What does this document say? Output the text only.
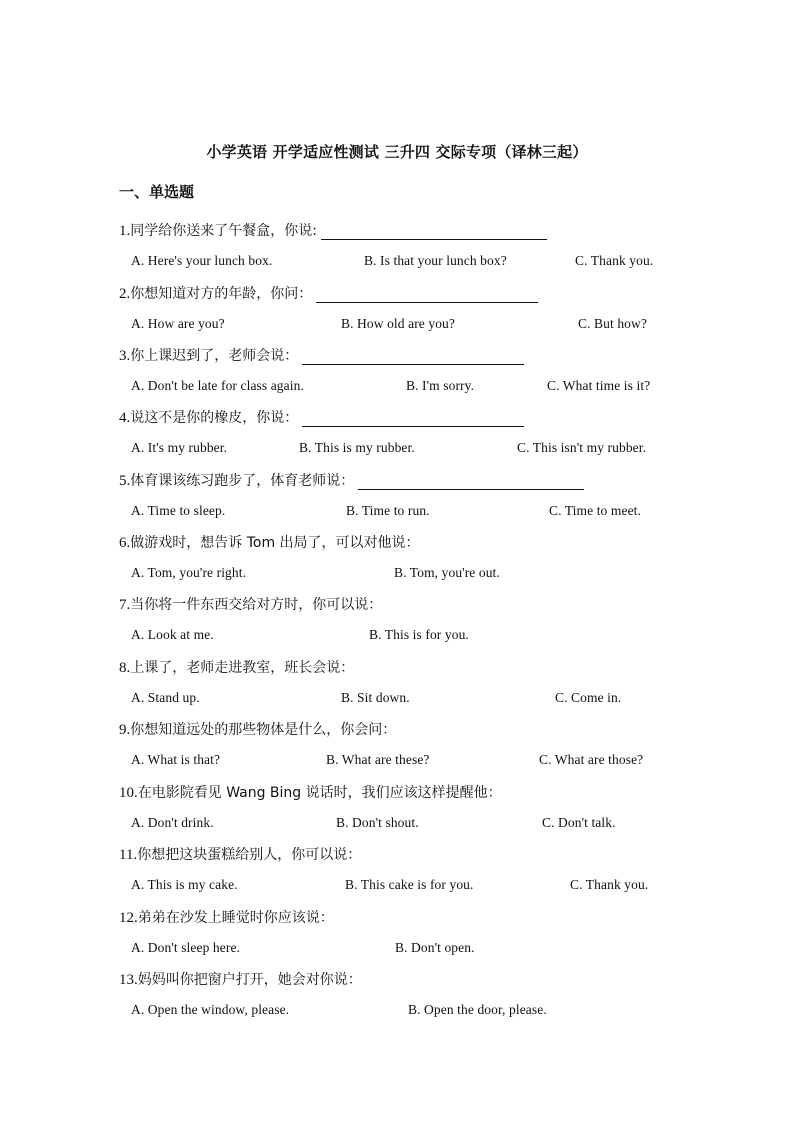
小学英语 开学适应性测试 三升四 交际专项（译林三起）
一、单选题
1. 同学给你送来了午餐盒，你说:
A. Here's your lunch box.	B. Is that your lunch box?	C. Thank you.
2. 你想知道对方的年龄，你问：
A. How are you?	B. How old are you?	C. But how?
3. 你上课迟到了，老师会说：
A. Don't be late for class again.	B. I'm sorry.	C. What time is it?
4. 说这不是你的橡皮，你说：
A. It's my rubber.	B. This is my rubber.	C. This isn't my rubber.
5. 体育课该练习跑步了，体育老师说：
A. Time to sleep.	B. Time to run.	C. Time to meet.
6. 做游戏时，想告诉 Tom 出局了，可以对他说：
A. Tom, you're right.	B. Tom, you're out.
7. 当你将一件东西交给对方时，你可以说：
A. Look at me.	B. This is for you.
8. 上课了，老师走进教室，班长会说：
A. Stand up.	B. Sit down.	C. Come in.
9. 你想知道远处的那些物体是什么，你会问：
A. What is that?	B. What are these?	C. What are those?
10. 在电影院看见 Wang Bing 说话时，我们应该这样提醒他：
A. Don't drink.	B. Don't shout.	C. Don't talk.
11. 你想把这块蛋糕给别人，你可以说：
A. This is my cake.	B. This cake is for you.	C. Thank you.
12. 弟弟在沙发上睡觉时你应该说：
A. Don't sleep here.	B. Don't open.
13. 妈妈叫你把窗户打开，她会对你说：
A. Open the window, please.	B. Open the door, please.
